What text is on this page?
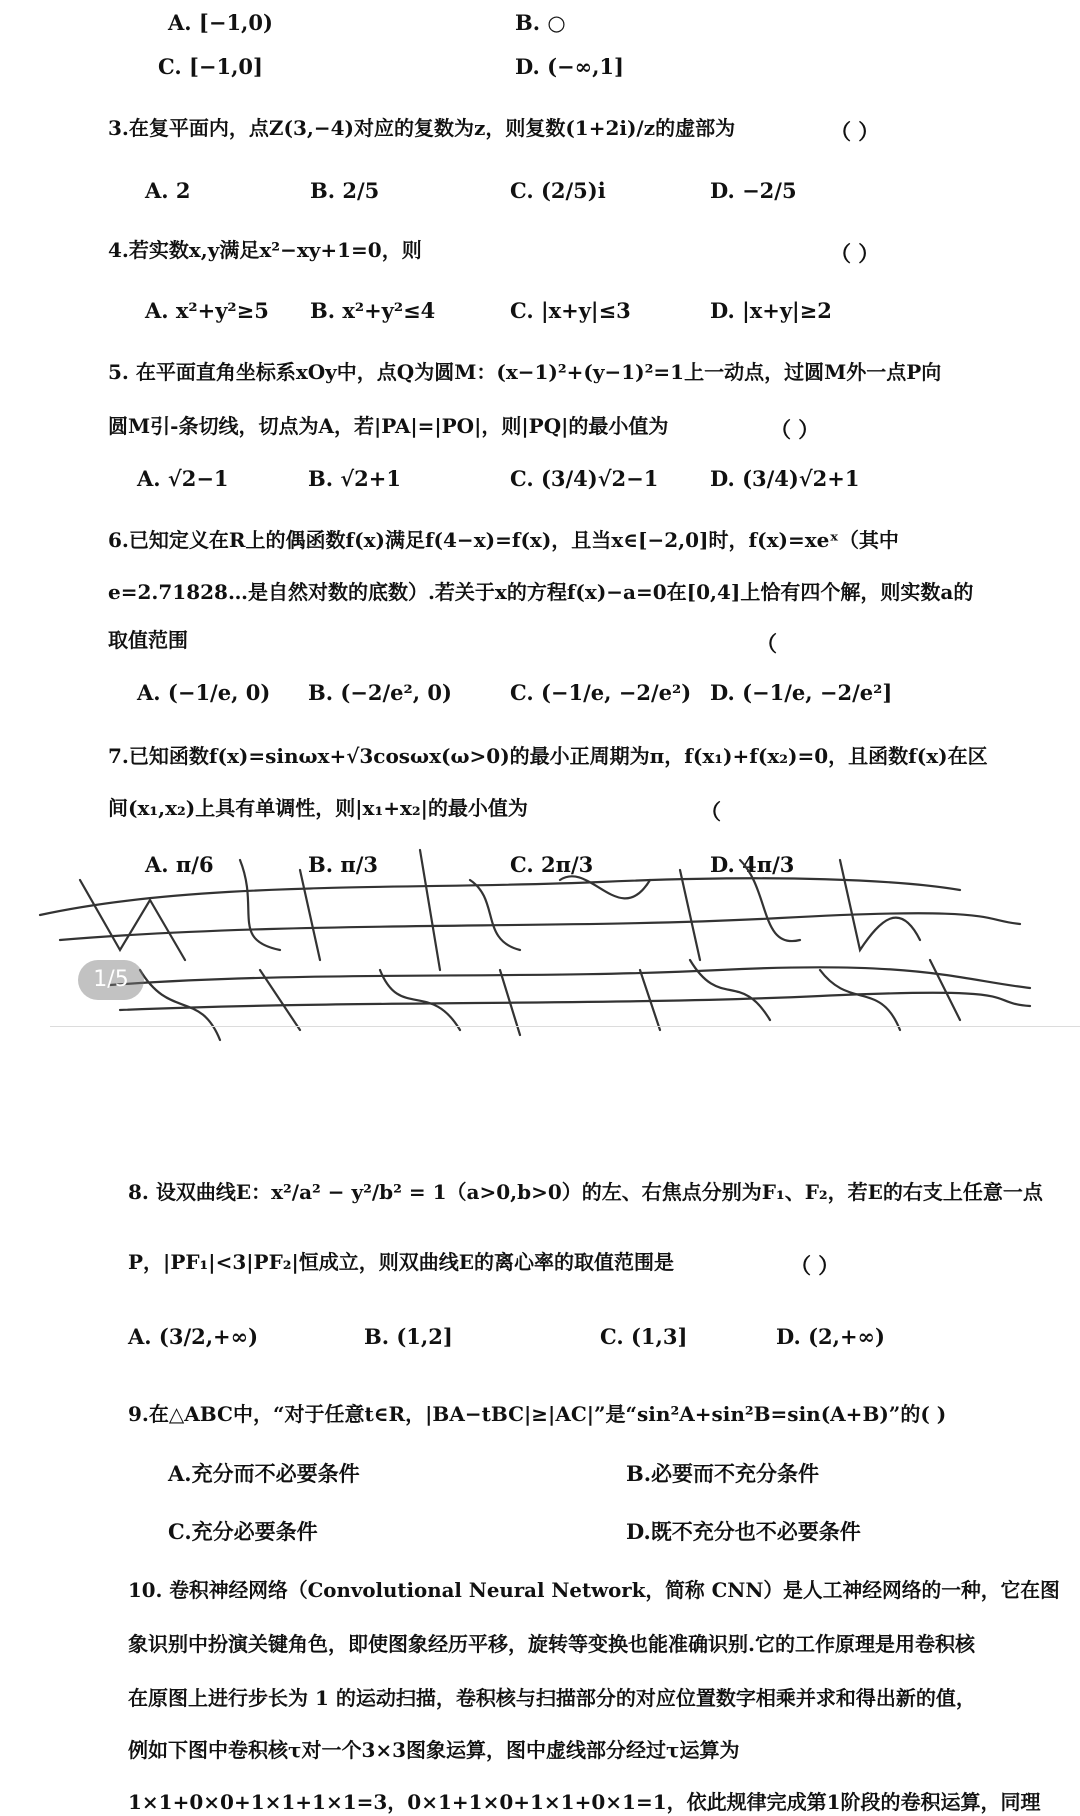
A. [−1,0)	B. ○
C. [−1,0]	D. (−∞,1]
3.在复平面内，点Z(3,−4)对应的复数为z，则复数(1+2i)/z的虚部为	（ ）
A. 2	B. 2/5	C. (2/5)i	D. −2/5
4.若实数x,y满足x²−xy+1=0，则	（ ）
A. x²+y²≥5 B. x²+y²≤4	C. |x+y|≤3	D. |x+y|≥2
5. 在平面直角坐标系xOy中，点Q为圆M：(x−1)²+(y−1)²=1上一动点，过圆M外一点P向
圆M引-条切线，切点为A，若|PA|=|PO|，则|PQ|的最小值为	（ ）
A. √2−1	B. √2+1	C. (3/4)√2−1 D. (3/4)√2+1
6.已知定义在R上的偶函数f(x)满足f(4−x)=f(x)，且当x∈[−2,0]时，f(x)=xeˣ（其中
e=2.71828…是自然对数的底数）.若关于x的方程f(x)−a=0在[0,4]上恰有四个解，则实数a的
取值范围	（
A. (−1/e, 0) B. (−2/e², 0)	C. (−1/e, −2/e²) D. (−1/e, −2/e²]
7.已知函数f(x)=sinωx+√3cosωx(ω>0)的最小正周期为π，f(x₁)+f(x₂)=0，且函数f(x)在区
间(x₁,x₂)上具有单调性，则|x₁+x₂|的最小值为	（
A. π/6	B. π/3	C. 2π/3	D. 4π/3
1/5
8. 设双曲线E：x²/a² − y²/b² = 1（a>0,b>0）的左、右焦点分别为F₁、F₂，若E的右支上任意一点
P，|PF₁|<3|PF₂|恒成立，则双曲线E的离心率的取值范围是	（ ）
A. (3/2,+∞)	B. (1,2]	C. (1,3]	D. (2,+∞)
9.在△ABC中，“对于任意t∈R，|BA−tBC|≥|AC|”是“sin²A+sin²B=sin(A+B)”的( )
A.充分而不必要条件	B.必要而不充分条件
C.充分必要条件	D.既不充分也不必要条件
10. 卷积神经网络（Convolutional Neural Network，简称 CNN）是人工神经网络的一种，它在图
象识别中扮演关键角色，即使图象经历平移，旋转等变换也能准确识别.它的工作原理是用卷积核
在原图上进行步长为 1 的运动扫描，卷积核与扫描部分的对应位置数字相乘并求和得出新的值，
例如下图中卷积核τ对一个3×3图象运算，图中虚线部分经过τ运算为
1×1+0×0+1×1+1×1=3，0×1+1×0+1×1+0×1=1，依此规律完成第1阶段的卷积运算，同理
